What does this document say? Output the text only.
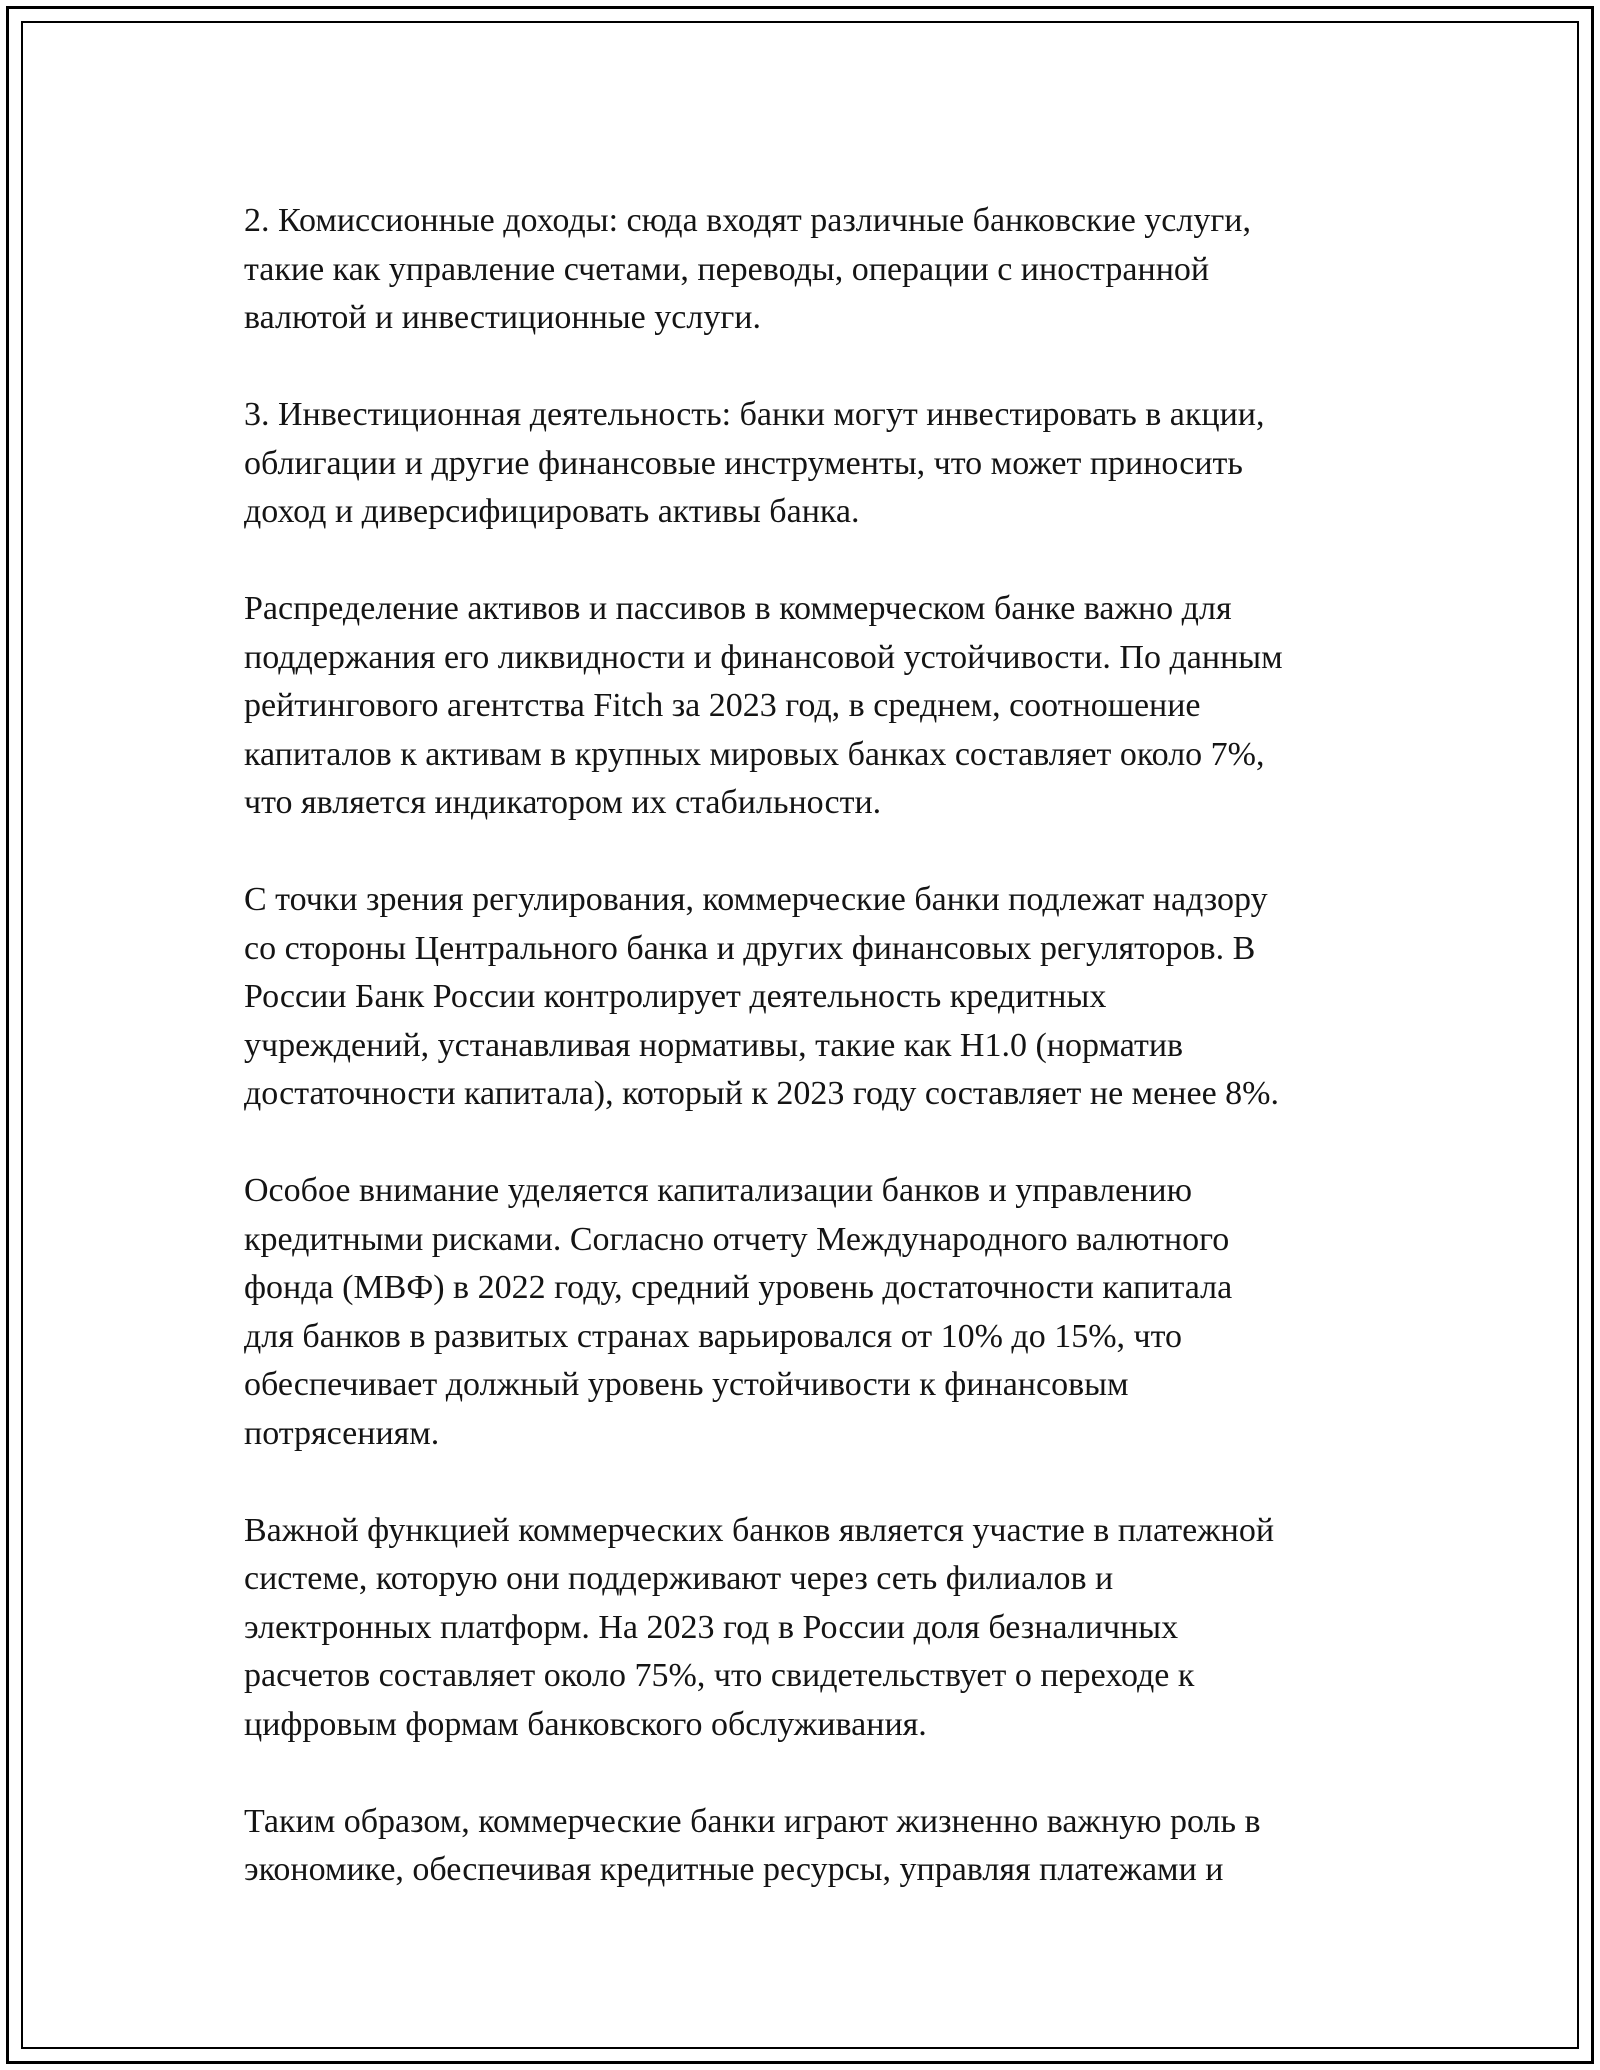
2. Комиссионные доходы: сюда входят различные банковские услуги,
такие как управление счетами, переводы, операции с иностранной
валютой и инвестиционные услуги.

3. Инвестиционная деятельность: банки могут инвестировать в акции,
облигации и другие финансовые инструменты, что может приносить
доход и диверсифицировать активы банка.

Распределение активов и пассивов в коммерческом банке важно для
поддержания его ликвидности и финансовой устойчивости. По данным
рейтингового агентства Fitch за 2023 год, в среднем, соотношение
капиталов к активам в крупных мировых банках составляет около 7%,
что является индикатором их стабильности.

С точки зрения регулирования, коммерческие банки подлежат надзору
со стороны Центрального банка и других финансовых регуляторов. В
России Банк России контролирует деятельность кредитных
учреждений, устанавливая нормативы, такие как Н1.0 (норматив
достаточности капитала), который к 2023 году составляет не менее 8%.

Особое внимание уделяется капитализации банков и управлению
кредитными рисками. Согласно отчету Международного валютного
фонда (МВФ) в 2022 году, средний уровень достаточности капитала
для банков в развитых странах варьировался от 10% до 15%, что
обеспечивает должный уровень устойчивости к финансовым
потрясениям.

Важной функцией коммерческих банков является участие в платежной
системе, которую они поддерживают через сеть филиалов и
электронных платформ. На 2023 год в России доля безналичных
расчетов составляет около 75%, что свидетельствует о переходе к
цифровым формам банковского обслуживания.

Таким образом, коммерческие банки играют жизненно важную роль в
экономике, обеспечивая кредитные ресурсы, управляя платежами и
